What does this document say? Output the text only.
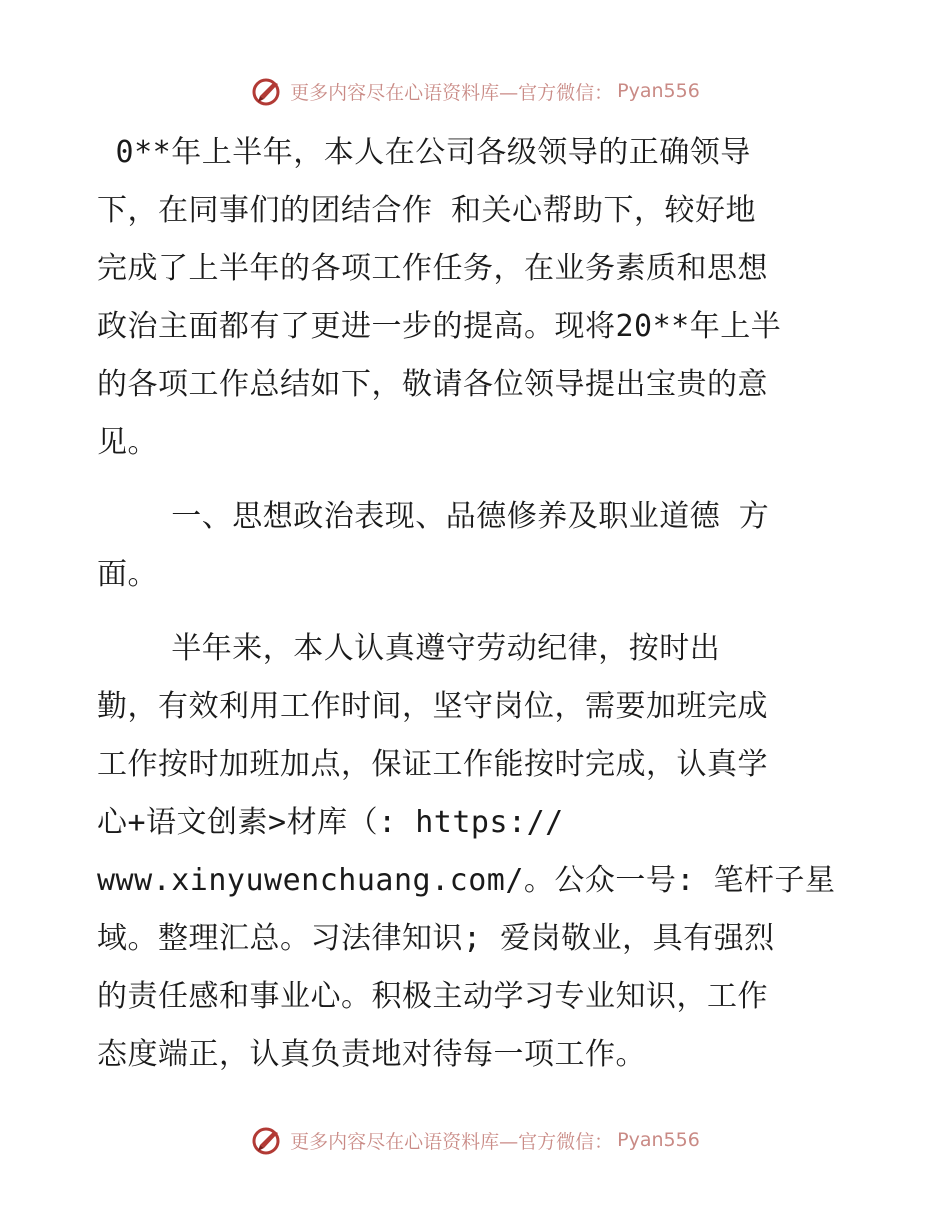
更多内容尽在心语资料库—官方微信： Pyan556
0**年上半年，本人在公司各级领导的正确领导
下，在同事们的团结合作 和关心帮助下，较好地
完成了上半年的各项工作任务，在业务素质和思想
政治主面都有了更进一步的提高。现将20**年上半
的各项工作总结如下，敬请各位领导提出宝贵的意
见。
一、思想政治表现、品德修养及职业道德 方
面。
半年来，本人认真遵守劳动纪律，按时出
勤，有效利用工作时间，坚守岗位，需要加班完成
工作按时加班加点，保证工作能按时完成，认真学
心+语文创素>材库（: https://
www.xinyuwenchuang.com/。公众一号: 笔杆子星
域。整理汇总。习法律知识; 爱岗敬业，具有强烈
的责任感和事业心。积极主动学习专业知识，工作
态度端正，认真负责地对待每一项工作。
更多内容尽在心语资料库—官方微信： Pyan556
